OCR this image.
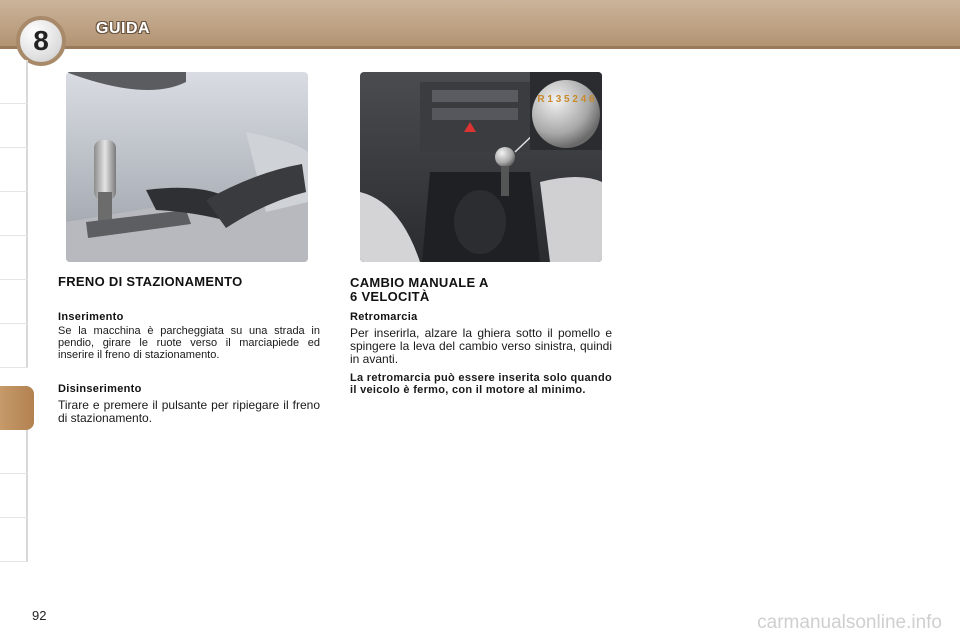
8	GUIDA
R 1 3 5 2 4 6
FRENO DI STAZIONAMENTO
Inserimento

Se la macchina è parcheggiata su una strada in pendio, girare le ruote verso il marciapiede ed inserire il freno di stazionamento.

Disinserimento

Tirare e premere il pulsante per ripiegare il freno di stazionamento.

CAMBIO MANUALE A
6 VELOCITÀ
Retromarcia

Per inserirla, alzare la ghiera sotto il pomello e spingere la leva del cambio verso sinistra, quindi in avanti.

La retromarcia può essere inserita solo quando il veicolo è fermo, con il motore al minimo.

92	carmanualsonline.info
